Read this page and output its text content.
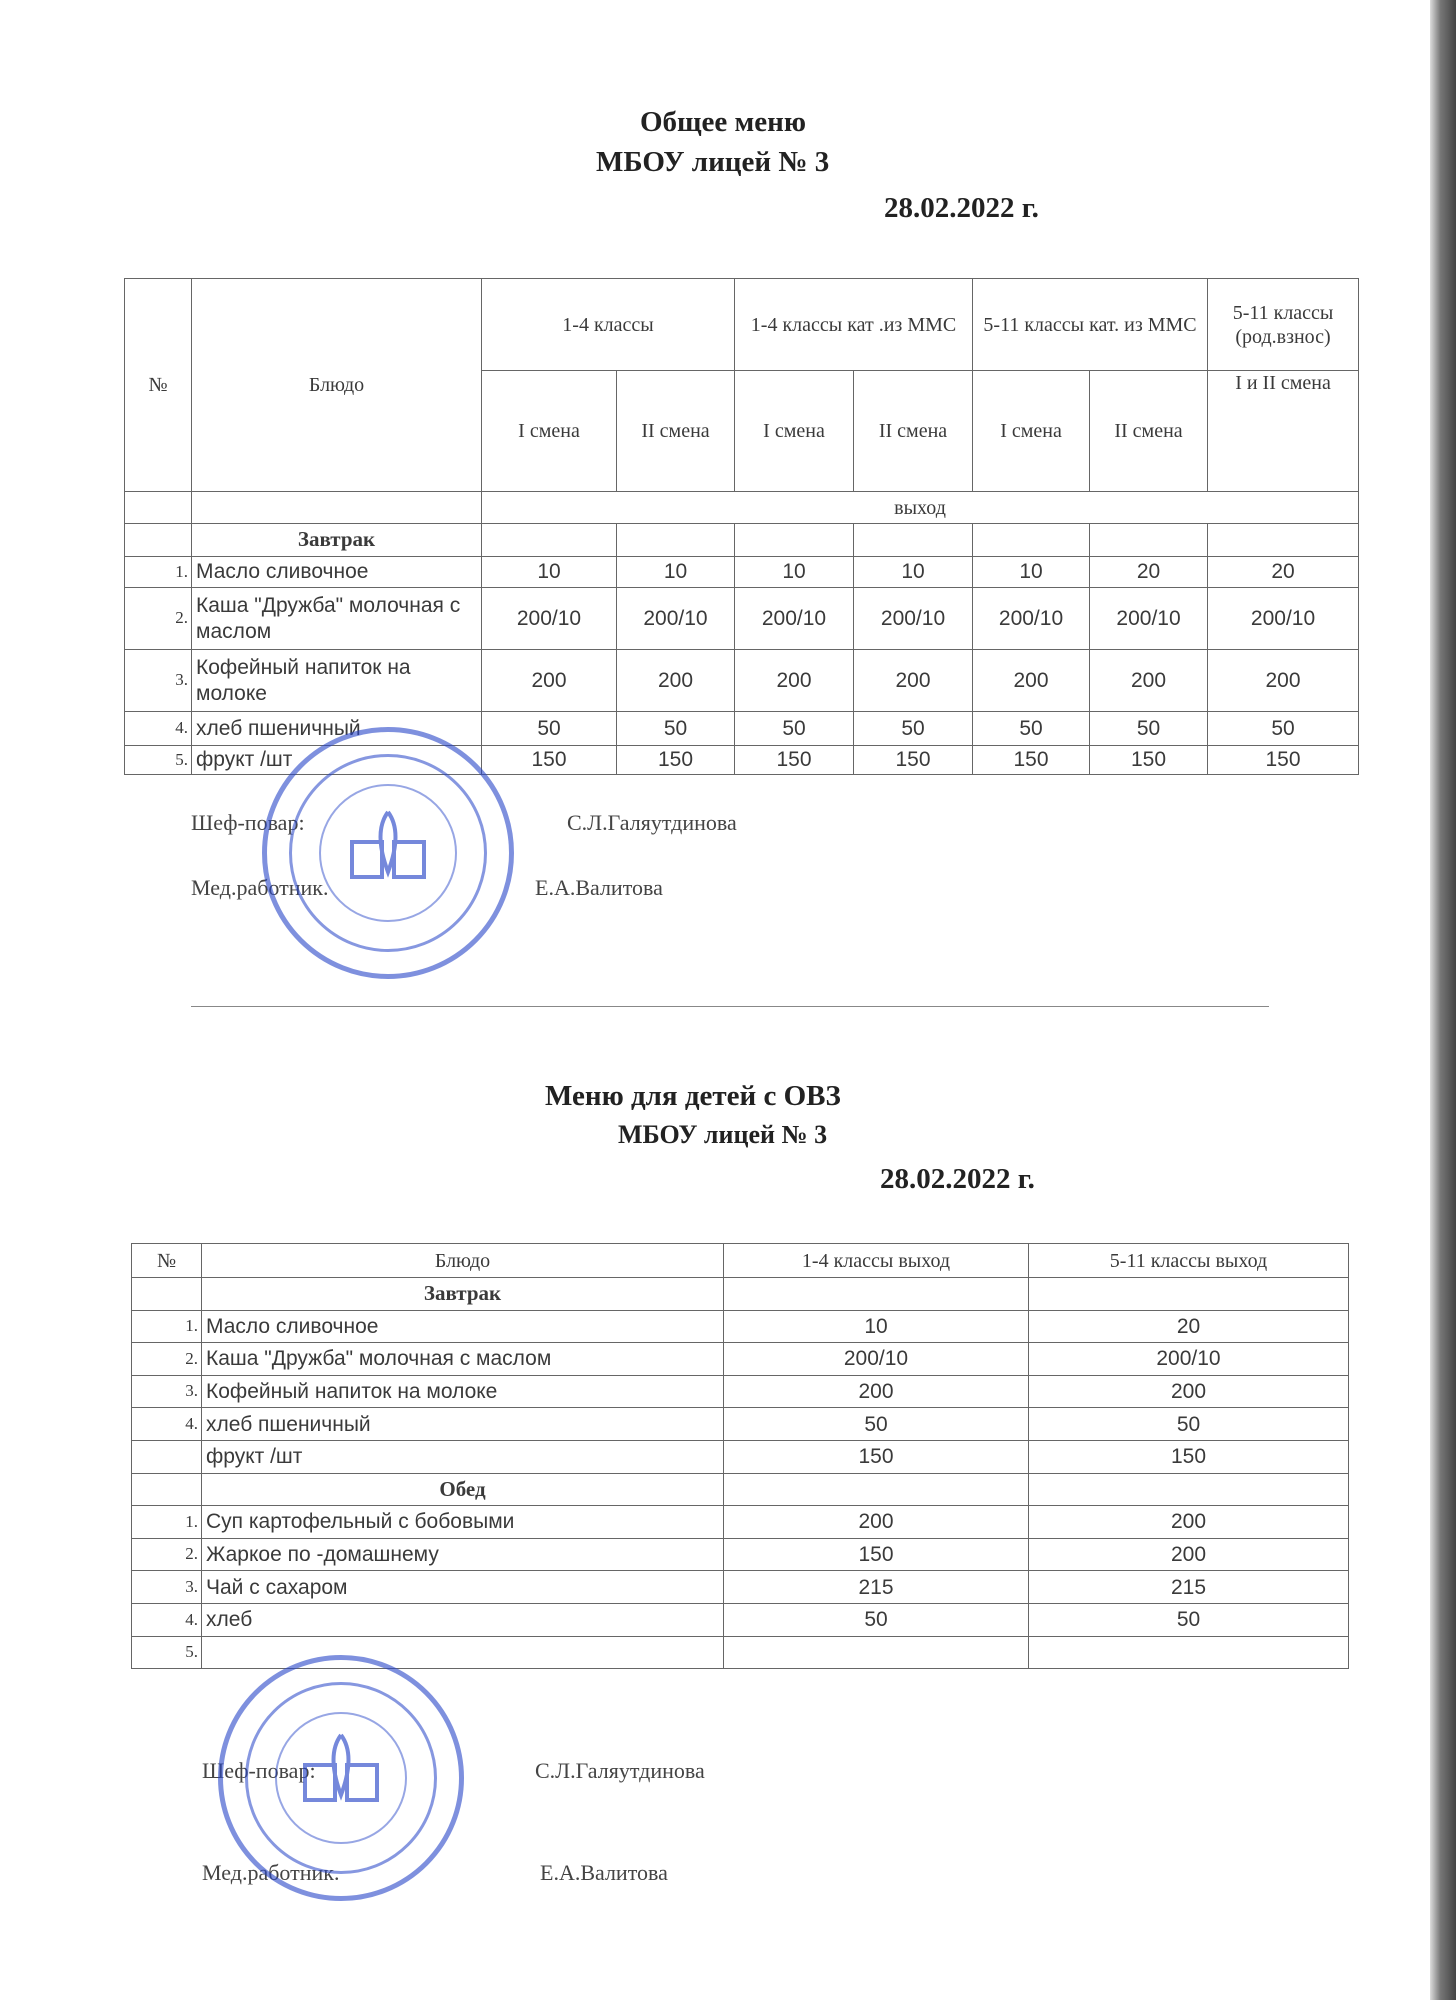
Общее меню
МБОУ лицей № 3
28.02.2022 г.
№	Блюдо	1-4 классы		1-4 классы кат .из ММС		5-11 классы кат. из ММС		5-11 классы (род.взнос)
		I смена	II смена	I смена	II смена	I смена	II смена	I и II смена
		выход						
	Завтрак							
1.	Масло сливочное	10	10	10	10	10	20	20
2.	Каша "Дружба" молочная с маслом	200/10	200/10	200/10	200/10	200/10	200/10	200/10
3.	Кофейный напиток на молоке	200	200	200	200	200	200	200
4.	хлеб пшеничный	50	50	50	50	50	50	50
5.	фрукт /шт	150	150	150	150	150	150	150
Шеф-повар:	С.Л.Галяутдинова
Мед.работник.	Е.А.Валитова
Меню для детей с ОВЗ
МБОУ лицей № 3
28.02.2022 г.
№	Блюдо	1-4 классы выход	5-11 классы выход
	Завтрак		
1.	Масло сливочное	10	20
2.	Каша "Дружба" молочная с маслом	200/10	200/10
3.	Кофейный напиток на молоке	200	200
4.	хлеб пшеничный	50	50
	фрукт /шт	150	150
	Обед		
1.	Суп картофельный с бобовыми	200	200
2.	Жаркое по -домашнему	150	200
3.	Чай с сахаром	215	215
4.	хлеб	50	50
5.			
Шеф-повар:	С.Л.Галяутдинова
Мед.работник.	Е.А.Валитова
